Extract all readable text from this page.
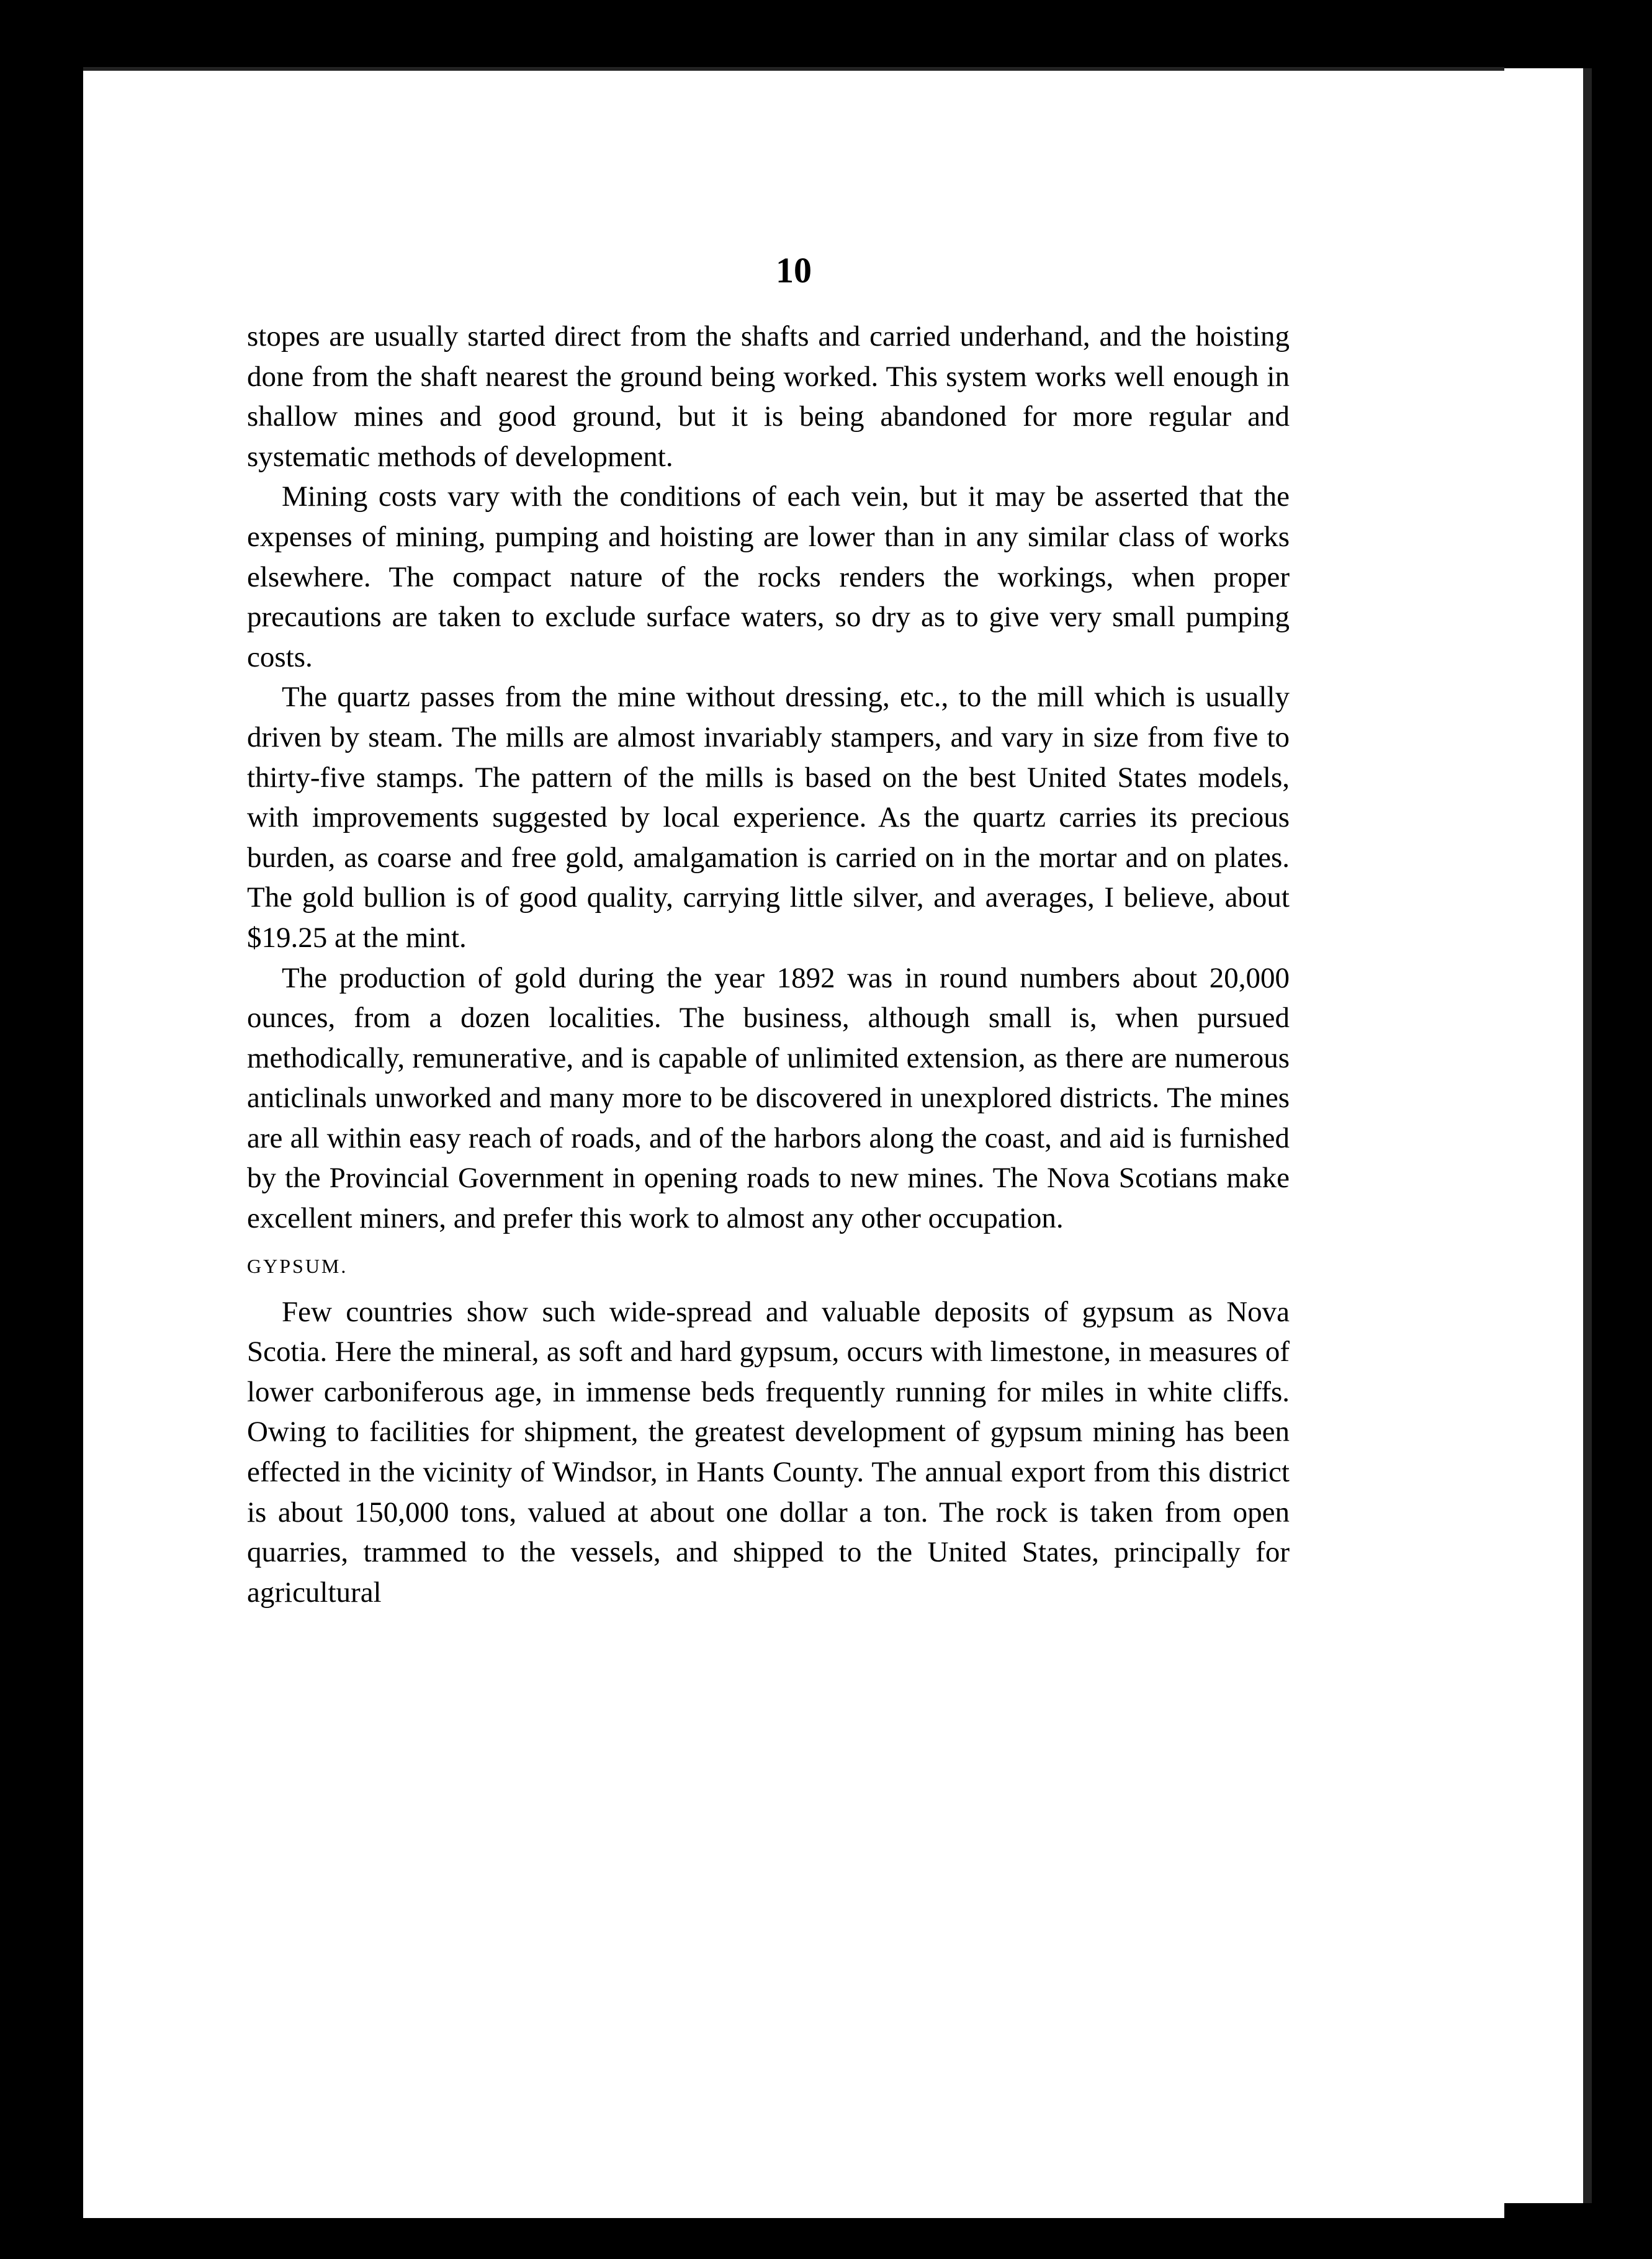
10

stopes are usually started direct from the shafts and carried underhand, and the hoisting done from the shaft nearest the ground being worked. This system works well enough in shallow mines and good ground, but it is being abandoned for more regular and systematic methods of development.

Mining costs vary with the conditions of each vein, but it may be asserted that the expenses of mining, pumping and hoisting are lower than in any similar class of works elsewhere. The compact nature of the rocks renders the workings, when proper precautions are taken to exclude surface waters, so dry as to give very small pumping costs.

The quartz passes from the mine without dressing, etc., to the mill which is usually driven by steam. The mills are almost invariably stampers, and vary in size from five to thirty-five stamps. The pattern of the mills is based on the best United States models, with improvements suggested by local experience. As the quartz carries its precious burden, as coarse and free gold, amalgamation is carried on in the mortar and on plates. The gold bullion is of good quality, carrying little silver, and averages, I believe, about $19.25 at the mint.

The production of gold during the year 1892 was in round numbers about 20,000 ounces, from a dozen localities. The business, although small is, when pursued methodically, remunerative, and is capable of unlimited extension, as there are numerous anticlinals unworked and many more to be discovered in unexplored districts. The mines are all within easy reach of roads, and of the harbors along the coast, and aid is furnished by the Provincial Government in opening roads to new mines. The Nova Scotians make excellent miners, and prefer this work to almost any other occupation.

GYPSUM.

Few countries show such wide-spread and valuable deposits of gypsum as Nova Scotia. Here the mineral, as soft and hard gypsum, occurs with limestone, in measures of lower carboniferous age, in immense beds frequently running for miles in white cliffs. Owing to facilities for shipment, the greatest development of gypsum mining has been effected in the vicinity of Windsor, in Hants County. The annual export from this district is about 150,000 tons, valued at about one dollar a ton. The rock is taken from open quarries, trammed to the vessels, and shipped to the United States, principally for agricultural
